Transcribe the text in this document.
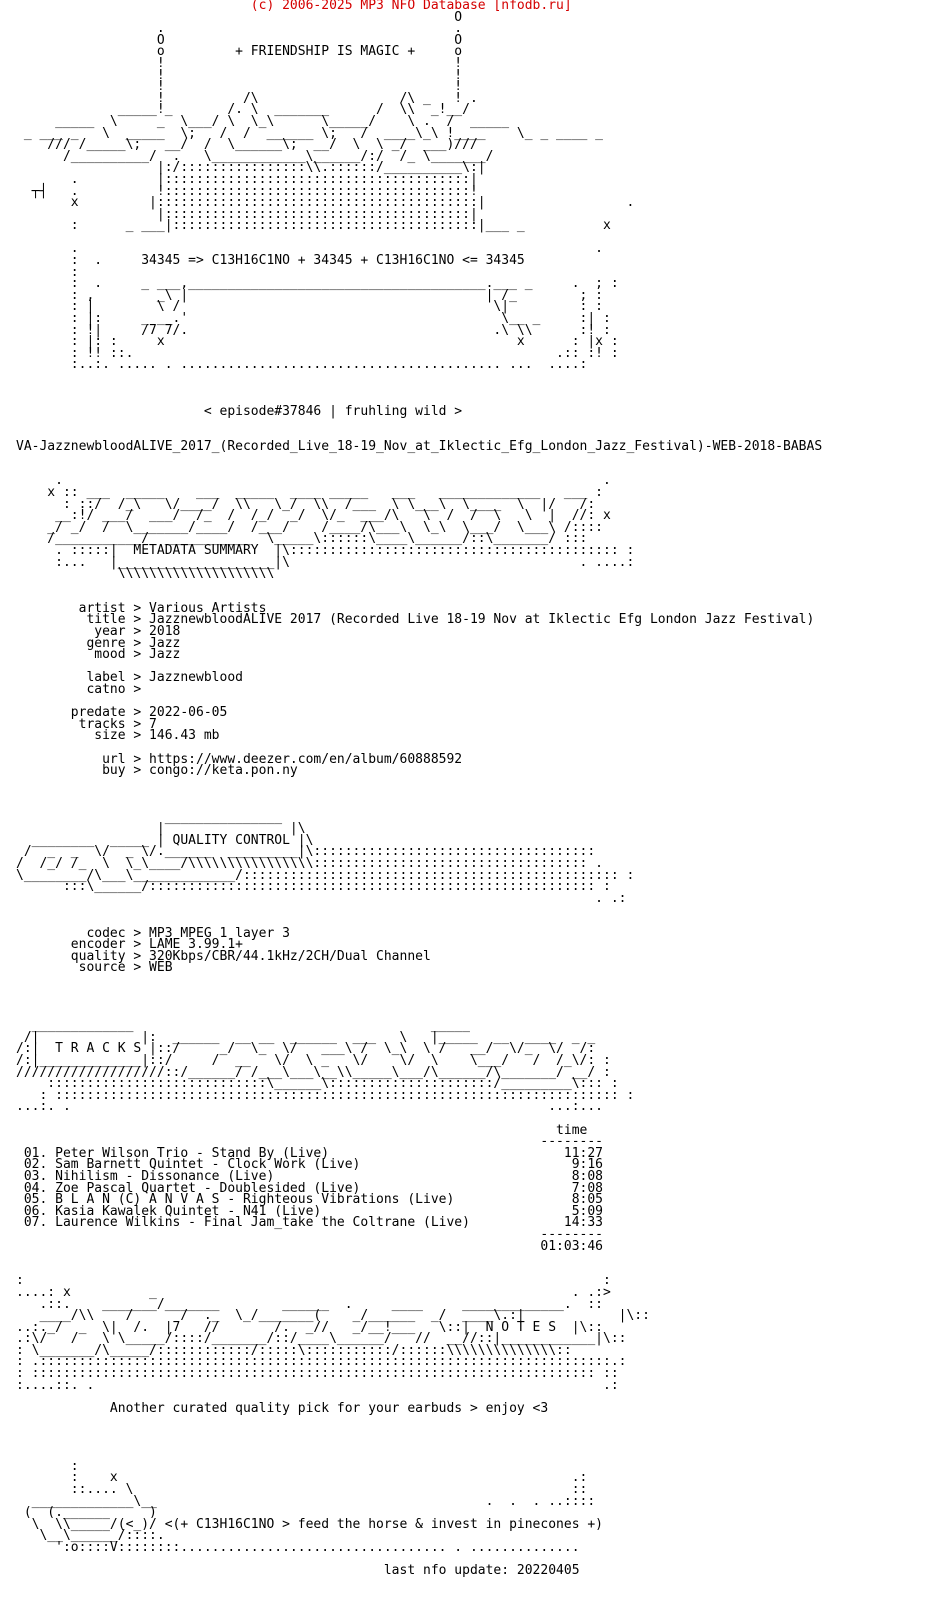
(c) 2006-2025 MP3 NFO Database [nfodb.ru]
O
.                                     .
O                                     O
o         + FRIENDSHIP IS MAGIC +     o
!                                     !
!                                     !
!                                     !
!          /\                  /\ _   ! .
_____!_       /. \  _______      /  \\  _!__/
_____  \     _  \___/ \  \_\      \_____/    \ .  /  _____
_ ___ _   \  _____  \;   /  /  ______ \;   /  ____\_\ !____    \_ _ ____ _
/// /_____\;   __/  /  \______\;  __/  \  \ _/  ___)///
/__________/  .   \____________\______/:/  /_ \_______/
|:/::::::::::::::::\\.::::::/__________\:|
.          |:::::::::::::::::::::::::::::::::::::::|
┬┤   .          !:::::::::::::::::::::::::::::::::::::::!
x         |:::::::::::::::::::::::::::::::::::::::::|                  .
|:::::::::::::::::::::::::::::::::::::::|
:      _ ___|:::::::::::::::::::::::::::::::::::::::|___ _          x
.                                                                  .
:  .     34345 => C13H16C1NO + 34345 + C13H16C1NO <= 34345
:
:  .     _ ___,______________________________________.___ _     .  ; :
: ,        _\ |                                      | /_        ; :
: |        \ /                                        \|         : :
: |:     _ __.'                                        \__ _     :| :
: !|     /7 7/.                                       .\ \\      :! :
: |: :     x                                             x      : |x :
: !! ::.                                                      .:: :! :
:..:. ..... . ......................................... ...  ....:
< episode#37846 | fruhling wild >
VA-JazznewbloodALIVE_2017_(Recorded_Live_18-19_Nov_at_Iklectic_Efg_London_Jazz_Festival)-WEB-2018-BABAS
.                                                                     .
x :: ___  _____    ___  _____  ____ _____   ___   _____________   ___ :
: ::/  /_\   \/____/  \\   \_/  \\  /___  \ \___\  \____  \  |/   /:
__:!/ ___/  ___/  /_  /  /_/  _/  \/_  ___/\   \  /  /  \   \  |  //: x
_/ _/  /  \_______/____/  /___/    /____/\___\  \_\  \___/  \___\ /::::
/___________/  ___________  \_____\::::::\____\______/::\_______/ :::
. :::::|  METADATA SUMMARY  |\:::::::::::::::::::::::::::::::::::::::::: :
:...   |____________________|\                                     . ....:
\\\\\\\\\\\\\\\\\\\\
artist > Various Artists
title > JazznewbloodALIVE 2017 (Recorded Live 18-19 Nov at Iklectic Efg London Jazz Festival)
year > 2018
genre > Jazz
mood > Jazz
label > Jazznewblood
catno >
predate > 2022-06-05
tracks > 7
size > 146.43 mb
url > https://www.deezer.com/en/album/60888592
buy > congo://keta.pon.ny
_______________
|                |\
________  _____ | QUALITY CONTROL |\
/  _  _  \/  _ \/.______  _________|\::::::::::::::::::::::::::::::::::::
/  /_/ /_  \  \_\____/\\\\\\\\\\\\\\\\::::::::::::::::::::::::::::::::::: .
\________/\___\_____________/:::::::::::::::::::::::::::::::::::::::::::::::: :
:::\______/::::::::::::::::::::::::::::::::::::::::::::::::::::::::: :
. .:
codec > MP3 MPEG 1 layer 3
encoder > LAME 3.99.1+
quality > 320Kbps/CBR/44.1kHz/2CH/Dual Channel
source > WEB
_____________                                      _____
/|             |:  ______  __ __  ______  ___   \   |_____  __  ____  _ _
/:|  T R A C K S |::/     _/  \_  \/   ___\ /  \_\  \ /   __/  \/_  \/  /:
/:|_____________|::/     /  __   \/  \ _   \/    \/  \    \___/   /  /_\/: :
///////////////////::/______/ /___\___\__\\_____\___/\______/\_______/ __/ :
::::::::::::::::::::::::::::\______\:::::::::::::::::::::/_________\::: :
: :::::::::::::::::::::::::::::::::::::::::::::::::::::::::::::::::::::::: :
...:. .                                                             ...:...
time
--------
01. Peter Wilson Trio - Stand By (Live)                              11:27
02. Sam Barnett Quintet - Clock Work (Live)                           9:16
03. Nihilism - Dissonance (Live)                                      8:08
04. Zoe Pascal Quartet - Doublesided (Live)                           7:08
05. B L A N (C) A N V A S - Righteous Vibrations (Live)               8:05
06. Kasia Kawalek Quintet - N41 (Live)                                5:09
07. Laurence Wilkins - Final Jam_take the Coltrane (Live)            14:33
--------
01:03:46
:                                                                          :
....: x          _                                                     . .:>
.::.    _______/_______        ______  .     ____     _____________.  ::
____/\\    /      /  ._  \_/_______(    _/______  _/  ____\.:|            |\::
..:._/  _  \|  /.  |7   //       /.  _//   _/__!___   \::|  N O T E S  |\::
.:\/   /   \ \_____/::::/_______/::/____\______/   //  __//::|____________|\::
: \_______/\_____/::::::::::::/:::::\:::::::::::/::::::\\\\\\\\\\\\\\::
: .:::::::::::::::::::::::::::::::::::::::::::::::::::::::::::::::::::::::::.:
: :::::::::::::::::::::::::::::::::::::::::::::::::::::::::::::::::::::::: ::
:....::. .                                                                 .:
Another curated quality pick for your earbuds > enjoy <3
:
:    x                                                          .:
::.... \                                                        ::
_____________\__                                          .  .  . ..::::
(  (.______     )
\  \\_____/(<_)/ <(+ C13H16C1NO > feed the horse & invest in pinecones +)
\__\______/::::.
':o::::V::::::::.................................. . ..............
last nfo update: 20220405
